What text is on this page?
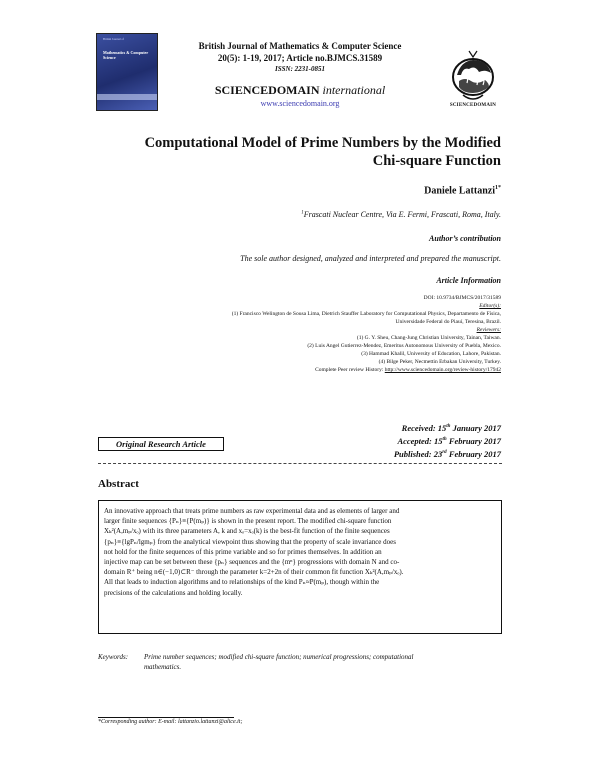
British Journal of
Mathematics & Computer Science
British Journal of Mathematics & Computer Science
20(5): 1-19, 2017; Article no.BJMCS.31589
ISSN: 2231-0851
SCIENCEDOMAIN international
www.sciencedomain.org	SCIENCEDOMAIN
Computational Model of Prime Numbers by the Modified
Chi-square Function
Daniele Lattanzi$^{1*}$
$^1$Frascati Nuclear Centre, Via E. Fermi, Frascati, Roma, Italy.
Author’s contribution
The sole author designed, analyzed and interpreted and prepared the manuscript.
Article Information
DOI: 10.9734/BJMCS/2017/31589
Editor(s):
(1) Francisco Welington de Sousa Lima, Dietrich Stauffer Laboratory for Computational Physics, Departamento de Física,
Universidade Federal do Piauí, Teresina, Brazil.
Reviewers:
(1) G. Y. Sheu, Chang-Jung Christian University, Tainan, Taiwan.
(2) Luis Angel Gutierrez-Mendez, Emeritus Autonomous University of Puebla, Mexico.
(3) Hammad Khalil, University of Education, Lahore, Pakistan.
(4) Bilge Peker, Necmettin Erbakan University, Turkey.
Complete Peer review History: http://www.sciencedomain.org/review-history/17942
Received: 15th January 2017
Accepted: 15th February 2017
Published: 23rd February 2017
Original Research Article
Abstract
An innovative approach that treats prime numbers as raw experimental data and as elements of larger and
larger finite sequences {Pₙ}≡{P(mₚ)} is shown in the present report. The modified chi-square function
Xₖ²(A,mₚ/xₒ) with its three parameters A, k and xₒ=xₒ(k) is the best-fit function of the finite sequences
{pₙ}≡{lgPₙ/lgmₚ} from the analytical viewpoint thus showing that the property of scale invariance does
not hold for the finite sequences of this prime variable and so for primes themselves. In addition an
injective map can be set between these {pₙ} sequences and the {mⁿ} progressions with domain N and co-
domain R⁺ being n∈(−1,0)⊂R⁻ through the parameter k=2+2n of their common fit function Xₖ²(A,mₚ/xₒ).
All that leads to induction algorithms and to relationships of the kind Pₙ≈P(mₚ), though within the
precisions of the calculations and holding locally.
Keywords: Prime number sequences; modified chi-square function; numerical progressions; computational
mathematics.
*Corresponding author: E-mail: lattanzio.lattanzi@alice.it;
